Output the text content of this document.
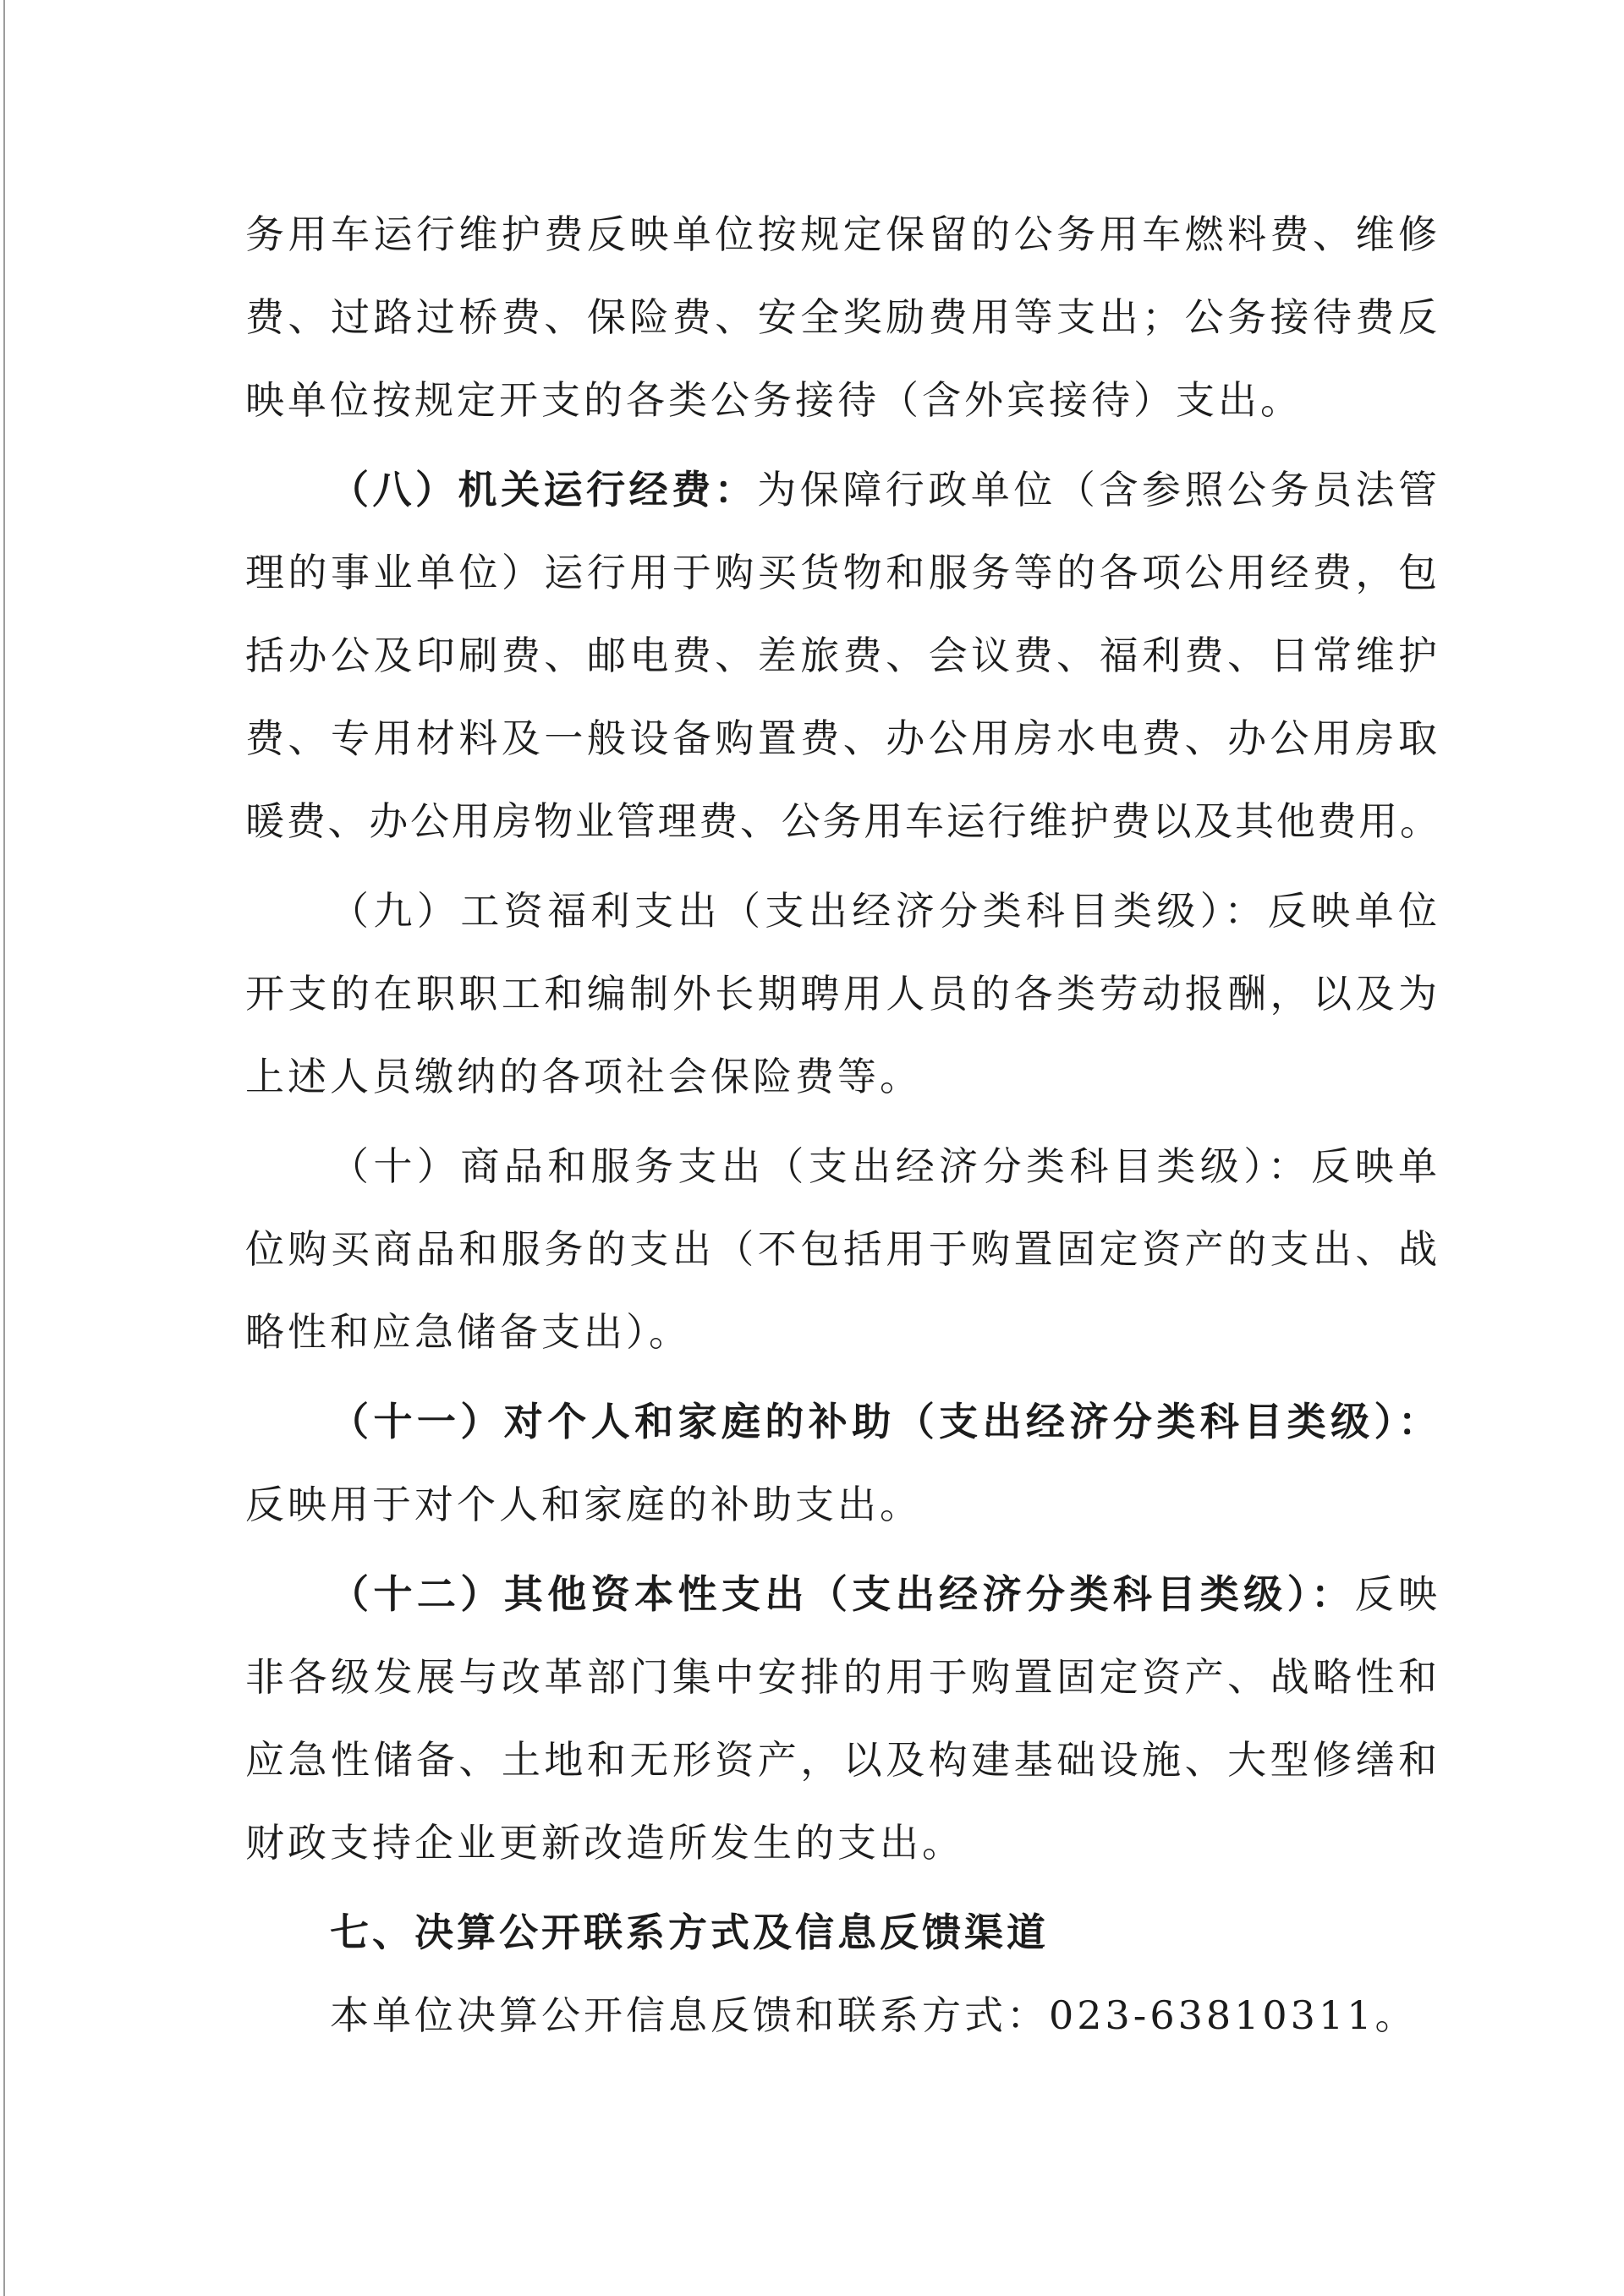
务用车运行维护费反映单位按规定保留的公务用车燃料费、维修
费、过路过桥费、保险费、安全奖励费用等支出；公务接待费反
映单位按规定开支的各类公务接待（含外宾接待）支出。
（八）机关运行经费：为保障行政单位（含参照公务员法管
理的事业单位）运行用于购买货物和服务等的各项公用经费，包
括办公及印刷费、邮电费、差旅费、会议费、福利费、日常维护
费、专用材料及一般设备购置费、办公用房水电费、办公用房取
暖费、办公用房物业管理费、公务用车运行维护费以及其他费用。
（九）工资福利支出（支出经济分类科目类级）：反映单位
开支的在职职工和编制外长期聘用人员的各类劳动报酬，以及为
上述人员缴纳的各项社会保险费等。
（十）商品和服务支出（支出经济分类科目类级）：反映单
位购买商品和服务的支出（不包括用于购置固定资产的支出、战
略性和应急储备支出）。
（十一）对个人和家庭的补助（支出经济分类科目类级）：
反映用于对个人和家庭的补助支出。
（十二）其他资本性支出（支出经济分类科目类级）：反映
非各级发展与改革部门集中安排的用于购置固定资产、战略性和
应急性储备、土地和无形资产，以及构建基础设施、大型修缮和
财政支持企业更新改造所发生的支出。
七、决算公开联系方式及信息反馈渠道
本单位决算公开信息反馈和联系方式：023-63810311。
